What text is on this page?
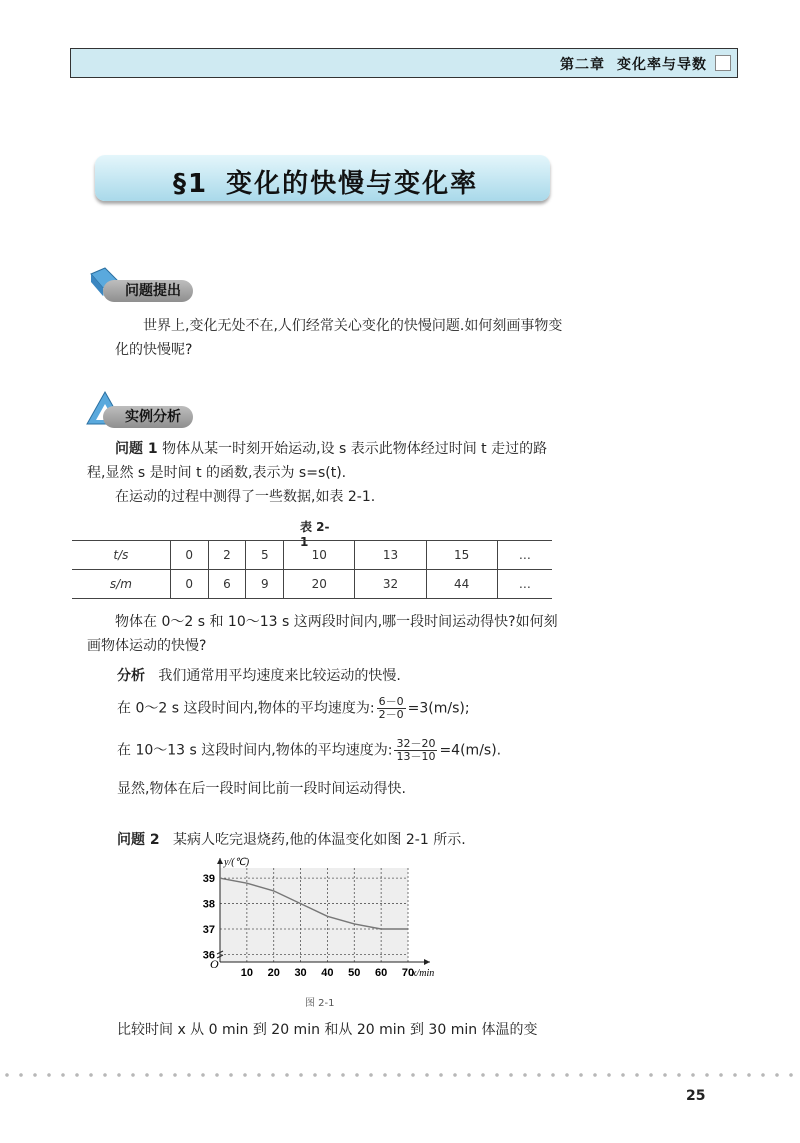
第二章 变化率与导数
§1 变化的快慢与变化率
问题提出
世界上,变化无处不在,人们经常关心变化的快慢问题.如何刻画事物变化的快慢呢?
实例分析
问题 1 物体从某一时刻开始运动,设 s 表示此物体经过时间 t 走过的路程,显然 s 是时间 t 的函数,表示为 s=s(t).
在运动的过程中测得了一些数据,如表 2-1.
表 2-1
t/s	0	2	5	10	13	15	…
s/m	0	6	9	20	32	44	…
物体在 0～2 s 和 10～13 s 这两段时间内,哪一段时间运动得快?如何刻画物体运动的快慢?
分析 我们通常用平均速度来比较运动的快慢.
在 0～2 s 这段时间内,物体的平均速度为: $\frac{6-0}{2-0} =3(m/s)$;
在 10～13 s 这段时间内,物体的平均速度为: $\frac{32-20}{13-10} =4(m/s)$.
显然,物体在后一段时间比前一段时间运动得快.
问题 2 某病人吃完退烧药,他的体温变化如图 2-1 所示.
10 20 30 40 50 60 70
36
37
38
39
O
x/min
y/(℃)
图 2-1
比较时间 x 从 0 min 到 20 min 和从 20 min 到 30 min 体温的变
25
